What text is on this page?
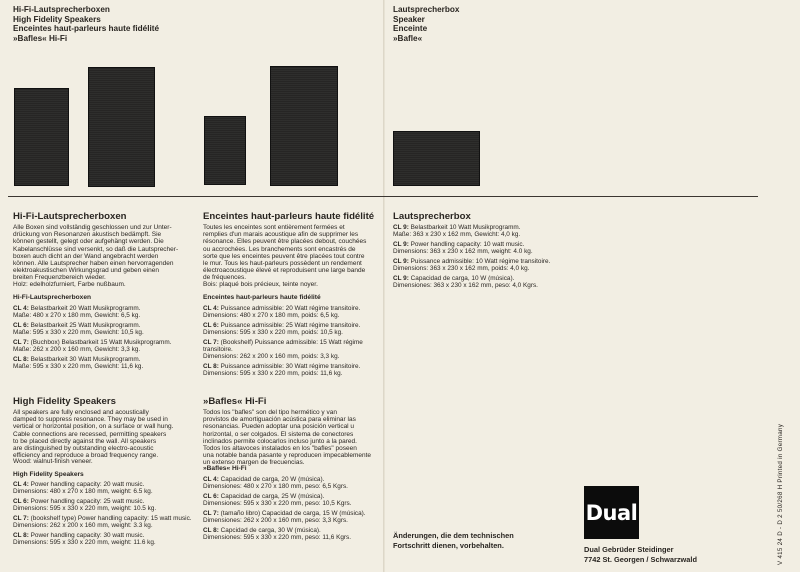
Hi-Fi-Lautsprecherboxen
High Fidelity Speakers
Enceintes haut-parleurs haute fidélité
»Bafles« Hi-Fi
Lautsprecherbox
Speaker
Enceinte
»Bafle«
Hi-Fi-Lautsprecherboxen
Alle Boxen sind vollständig geschlossen und zur Unter-
drückung von Resonanzen akustisch bedämpft. Sie
können gestellt, gelegt oder aufgehängt werden. Die
Kabelanschlüsse sind versenkt, so daß die Lautsprecher-
boxen auch dicht an der Wand angebracht werden
können. Alle Lautsprecher haben einen hervorragenden
elektroakustischen Wirkungsgrad und geben einen
breiten Frequenzbereich wieder.
Holz: edelholzfurniert, Farbe nußbaum.
Hi-Fi-Lautsprecherboxen
CL 4: Belastbarkeit 20 Watt Musikprogramm.
Maße: 480 x 270 x 180 mm, Gewicht: 6,5 kg.
CL 6: Belastbarkeit 25 Watt Musikprogramm.
Maße: 595 x 330 x 220 mm, Gewicht: 10,5 kg.
CL 7: (Buchbox) Belastbarkeit 15 Watt Musikprogramm.
Maße: 262 x 200 x 160 mm, Gewicht: 3,3 kg.
CL 8: Belastbarkeit 30 Watt Musikprogramm.
Maße: 595 x 330 x 220 mm, Gewicht: 11,6 kg.
Enceintes haut-parleurs haute fidélité
Toutes les enceintes sont entièrement fermées et
remplies d'un marais acoustique afin de supprimer les
résonance. Elles peuvent être placées debout, couchées
ou accrochées. Les branchements sont encastrés de
sorte que les enceintes peuvent être placées tout contre
le mur. Tous les haut-parleurs possèdent un rendement
électroacoustique élevé et reproduisent une large bande
de fréquences.
Bois: plaqué bois précieux, teinte noyer.
Enceintes haut-parleurs haute fidélité
CL 4: Puissance admissible: 20 Watt régime transitoire.
Dimensions: 480 x 270 x 180 mm, poids: 6,5 kg.
CL 6: Puissance admissible: 25 Watt régime transitoire.
Dimensions: 595 x 330 x 220 mm, poids: 10,5 kg.
CL 7: (Bookshelf) Puissance admissible: 15 Watt régime transitoire.
Dimensions: 262 x 200 x 160 mm, poids: 3,3 kg.
CL 8: Puissance admissible: 30 Watt régime transitoire.
Dimensions: 595 x 330 x 220 mm, poids: 11,6 kg.
High Fidelity Speakers
All speakers are fully enclosed and acoustically
damped to suppress resonance. They may be used in
vertical or horizontal position, on a surface or wall hung.
Cable connections are recessed, permitting speakers
to be placed directly against the wall. All speakers
are distinguished by outstanding electro-acoustic
efficiency and reproduce a broad frequency range.
Wood: walnut-finish veneer.
High Fidelity Speakers
CL 4: Power handling capacity: 20 watt music.
Dimensions: 480 x 270 x 180 mm, weight: 6.5 kg.
CL 6: Power handling capacity: 25 watt music.
Dimensions: 595 x 330 x 220 mm, weight: 10.5 kg.
CL 7: (bookshelf type) Power handling capacity: 15 watt music.
Dimensions: 262 x 200 x 160 mm, weight: 3.3 kg.
CL 8: Power handling capacity: 30 watt music.
Dimensions: 595 x 330 x 220 mm, weight: 11.6 kg.
»Bafles« Hi-Fi
Todos los "bafles" son del tipo hermético y van
provistos de amortiguación acústica para eliminar las
resonancias. Pueden adoptar una posición vertical u
horizontal, o ser colgados. El sistema de conectores
inclinados permite colocarlos incluso junto a la pared.
Todos los altavoces instalados en los "bafles" poseen
una notable banda pasante y reproducen impecablemente
un extenso margen de frecuencias.
»Bafles« Hi-Fi
CL 4: Capacidad de carga, 20 W (música).
Dimensiones: 480 x 270 x 180 mm, peso: 6,5 Kgrs.
CL 6: Capacidad de carga, 25 W (música).
Dimensiones: 595 x 330 x 220 mm, peso: 10,5 Kgrs.
CL 7: (tamaño libro) Capacidad de carga, 15 W (música).
Dimensiones: 262 x 200 x 160 mm, peso: 3,3 Kgrs.
CL 8: Capcidad de carga, 30 W (música).
Dimensiones: 595 x 330 x 220 mm, peso: 11,6 Kgrs.
Lautsprecherbox
CL 9: Belastbarkeit 10 Watt Musikprogramm.
Maße: 363 x 230 x 162 mm, Gewicht: 4,0 kg.
CL 9: Power handling capacity: 10 watt music.
Dimensions: 363 x 230 x 162 mm, weight: 4.0 kg.
CL 9: Puissance admissible: 10 Watt régime transitoire.
Dimensions: 363 x 230 x 162 mm, poids: 4,0 kg.
CL 9: Capacidad de carga, 10 W (música).
Dimensiones: 363 x 230 x 162 mm, peso: 4,0 Kgrs.
Änderungen, die dem technischen
Fortschritt dienen, vorbehalten.
Dual
Dual Gebrüder Steidinger
7742 St. Georgen / Schwarzwald	V 415 24 D - D 2 50/268 H Printed in Germany
